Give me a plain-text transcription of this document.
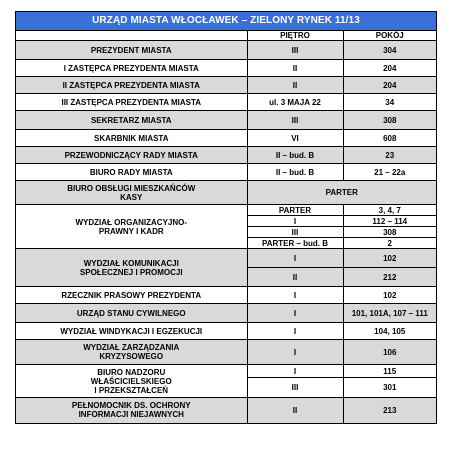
URZĄD MIASTA WŁOCŁAWEK – ZIELONY RYNEK 11/13
	PIĘTRO	POKÓJ
PREZYDENT MIASTA	III	304
I ZASTĘPCA PREZYDENTA MIASTA	II	204
II ZASTĘPCA PREZYDENTA MIASTA	II	204
III ZASTĘPCA PREZYDENTA MIASTA	ul. 3 MAJA 22	34
SEKRETARZ MIASTA	III	308
SKARBNIK MIASTA	VI	608
PRZEWODNICZĄCY RADY MIASTA	II – bud. B	23
BIURO RADY MIASTA	II – bud. B	21 – 22a

BIURO OBSŁUGI MIESZKAŃCÓW
KASY	PARTER	

WYDZIAŁ ORGANIZACYJNO-
PRAWNY I KADR	PARTER	3, 4, 7
	I	112 – 114
	III	308
	PARTER – bud. B	2

WYDZIAŁ KOMUNIKACJI
SPOŁECZNEJ I PROMOCJI	I	102
	II	212
RZECZNIK PRASOWY PREZYDENTA	I	102
URZĄD STANU CYWILNEGO	I	101, 101A, 107 – 111
WYDZIAŁ WINDYKACJI I EGZEKUCJI	I	104, 105

WYDZIAŁ ZARZĄDZANIA
KRYZYSOWEGO	I	106

BIURO NADZORU
WŁAŚCICIELSKIEGO
I PRZEKSZTAŁCEŃ	I	115
	III	301

PEŁNOMOCNIK DS. OCHRONY
INFORMACJI NIEJAWNYCH	II	213
